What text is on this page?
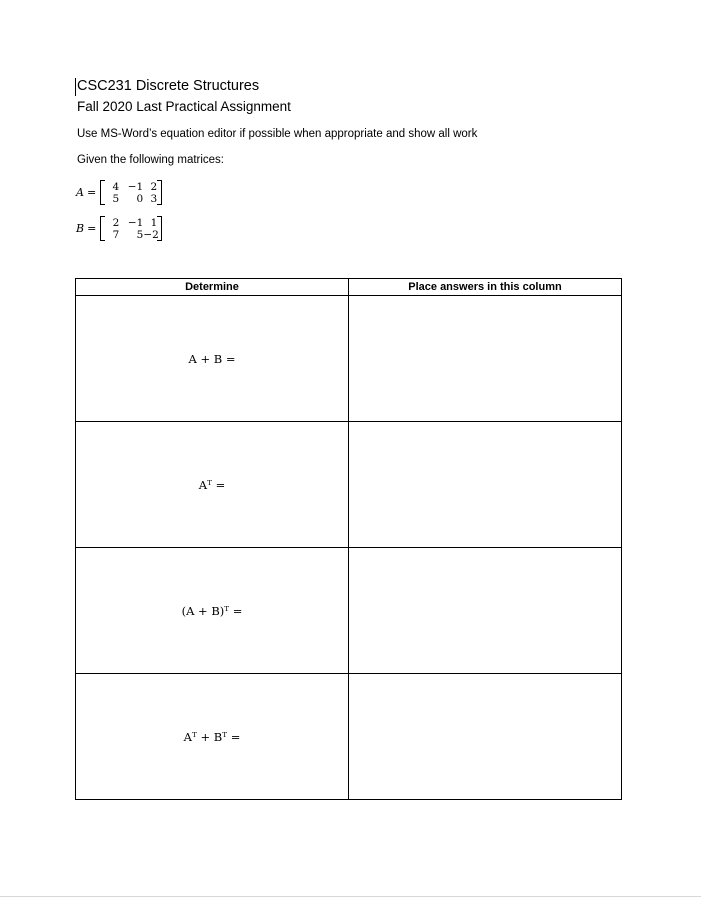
CSC231 Discrete Structures
Fall 2020 Last Practical Assignment
Use MS-Word’s equation editor if possible when appropriate and show all work
Given the following matrices:
A =	4 −1 2
5	0 3
B =	2 −1 1
7	5 −2
Determine	Place answers in this column
A + B =	
Aᵀ =	
(A + B)ᵀ =	
Aᵀ + Bᵀ =	
